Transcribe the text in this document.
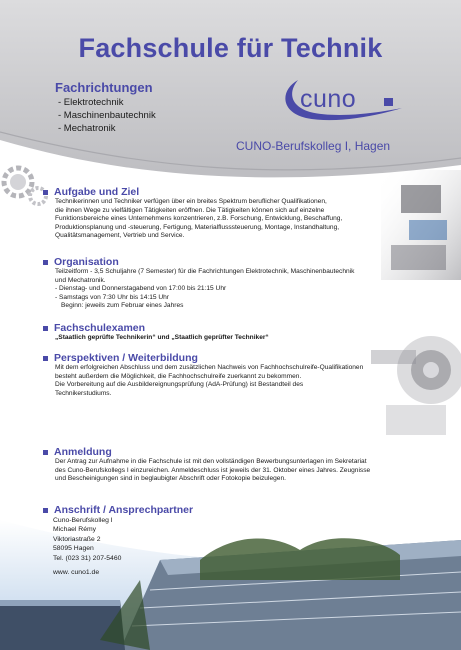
Fachschule für Technik
Fachrichtungen
- Elektrotechnik
- Maschinenbautechnik
- Mechatronik
cuno
CUNO-Berufskolleg I, Hagen
Aufgabe und Ziel

Technikerinnen und Techniker verfügen über ein breites Spektrum beruflicher Qualifikationen,

die ihnen Wege zu vielfältigen Tätigkeiten eröffnen. Die Tätigkeiten können sich auf einzelne

Funktionsbereiche eines Unternehmens konzentrieren, z.B. Forschung, Entwicklung, Beschaffung,

Produktionsplanung und -steuerung, Fertigung, Materialflusssteuerung, Montage, Instandhaltung,

Qualitätsmanagement, Vertrieb und Service.

Organisation

Teilzeitform - 3,5 Schuljahre (7 Semester) für die Fachrichtungen Elektrotechnik, Maschinenbautechnik

und Mechatronik.

- Dienstag- und Donnerstagabend von 17:00 bis 21:15 Uhr

- Samstags von 7:30 Uhr bis 14:15 Uhr

Beginn: jeweils zum Februar eines Jahres

Fachschulexamen

„Staatlich geprüfte Technikerin“ und „Staatlich geprüfter Techniker“

Perspektiven / Weiterbildung

Mit dem erfolgreichen Abschluss und dem zusätzlichen Nachweis von Fachhochschulreife-Qualifikationen

besteht außerdem die Möglichkeit, die Fachhochschulreife zuerkannt zu bekommen.

Die Vorbereitung auf die Ausbildereignungsprüfung (AdA-Prüfung) ist Bestandteil des

Technikerstudiums.

Anmeldung

Der Antrag zur Aufnahme in die Fachschule ist mit den vollständigen Bewerbungsunterlagen im Sekretariat

des Cuno-Berufskollegs I einzureichen. Anmeldeschluss ist jeweils der 31. Oktober eines Jahres. Zeugnisse

und Bescheinigungen sind in beglaubigter Abschrift oder Fotokopie beizulegen.

Anschrift / Ansprechpartner

Cuno-Berufskolleg I

Michael Rémy

Viktoriastraße 2

58095 Hagen

Tel. (023 31) 207-5460

www. cuno1.de
